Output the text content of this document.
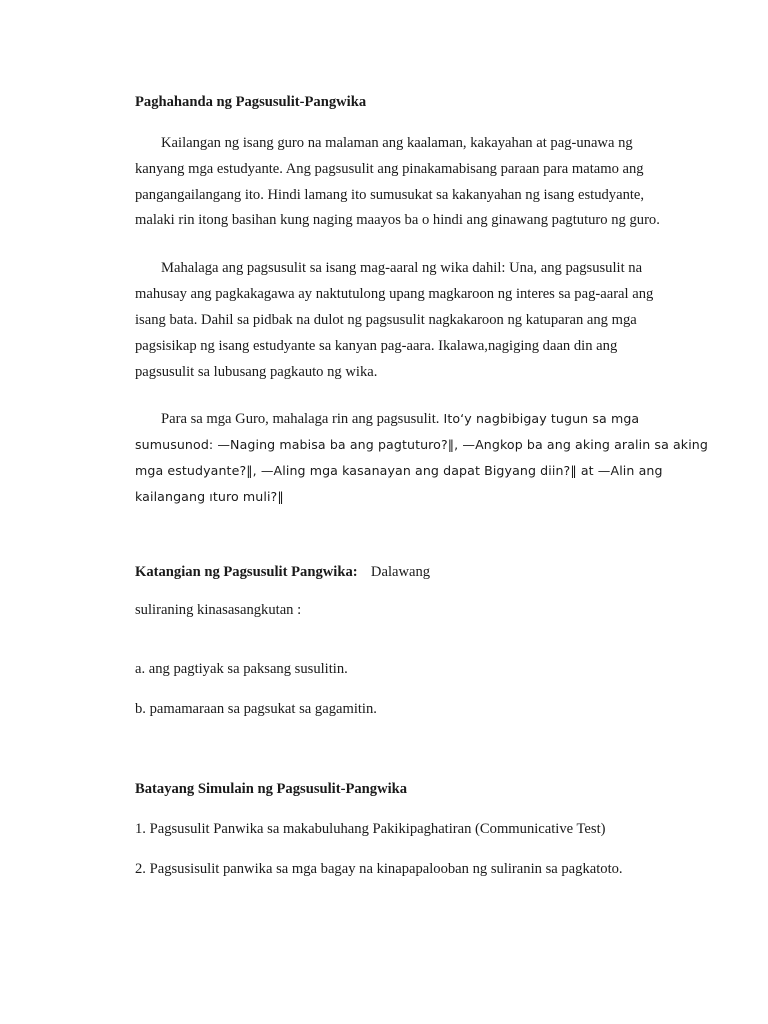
Paghahanda ng Pagsusulit-Pangwika
Kailangan ng isang guro na malaman ang kaalaman, kakayahan at pag-unawa ng
kanyang mga estudyante. Ang pagsusulit ang pinakamabisang paraan para matamo ang
pangangailangang ito. Hindi lamang ito sumusukat sa kakanyahan ng isang estudyante,
malaki rin itong basihan kung naging maayos ba o hindi ang ginawang pagtuturo ng guro.
Mahalaga ang pagsusulit sa isang mag-aaral ng wika dahil: Una, ang pagsusulit na
mahusay ang pagkakagawa ay naktutulong upang magkaroon ng interes sa pag-aaral ang
isang bata. Dahil sa pidbak na dulot ng pagsusulit nagkakaroon ng katuparan ang mga
pagsisikap ng isang estudyante sa kanyan pag-aara. Ikalawa,nagiging daan din ang
pagsusulit sa lubusang pagkauto ng wika.
Para sa mga Guro, mahalaga rin ang pagsusulit. Ito‘y nagbibigay tugun sa mga
sumusunod: —Naging mabisa ba ang pagtuturo?‖, —Angkop ba ang aking aralin sa aking
mga estudyante?‖, —Aling mga kasanayan ang dapat Bigyang diin?‖ at —Alin ang
kailangang ıturo muli?‖
Katangian ng Pagsusulit Pangwika: Dalawang
suliraning kinasasangkutan :
a. ang pagtiyak sa paksang susulitin.
b. pamamaraan sa pagsukat sa gagamitin.
Batayang Simulain ng Pagsusulit-Pangwika
1. Pagsusulit Panwika sa makabuluhang Pakikipaghatiran (Communicative Test)
2. Pagsusisulit panwika sa mga bagay na kinapapalooban ng suliranin sa pagkatoto.
